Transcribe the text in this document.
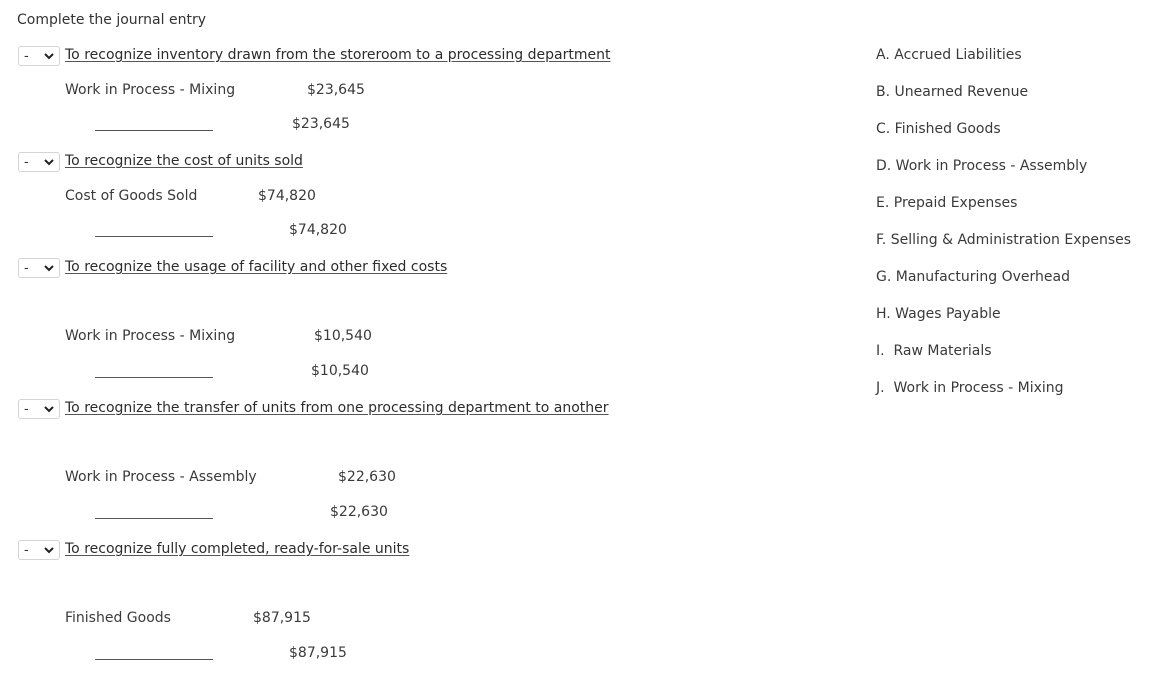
Complete the journal entry
-	To recognize inventory drawn from the storeroom to a processing department
Work in Process - Mixing	$23,645
$23,645
-	To recognize the cost of units sold
Cost of Goods Sold	$74,820
$74,820
-	To recognize the usage of facility and other fixed costs
Work in Process - Mixing	$10,540
$10,540
-	To recognize the transfer of units from one processing department to another
Work in Process - Assembly	$22,630
$22,630
-	To recognize fully completed, ready-for-sale units
Finished Goods	$87,915
$87,915
A. Accrued Liabilities
B. Unearned Revenue
C. Finished Goods
D. Work in Process - Assembly
E. Prepaid Expenses
F. Selling & Administration Expenses
G. Manufacturing Overhead
H. Wages Payable
I.  Raw Materials
J.  Work in Process - Mixing
